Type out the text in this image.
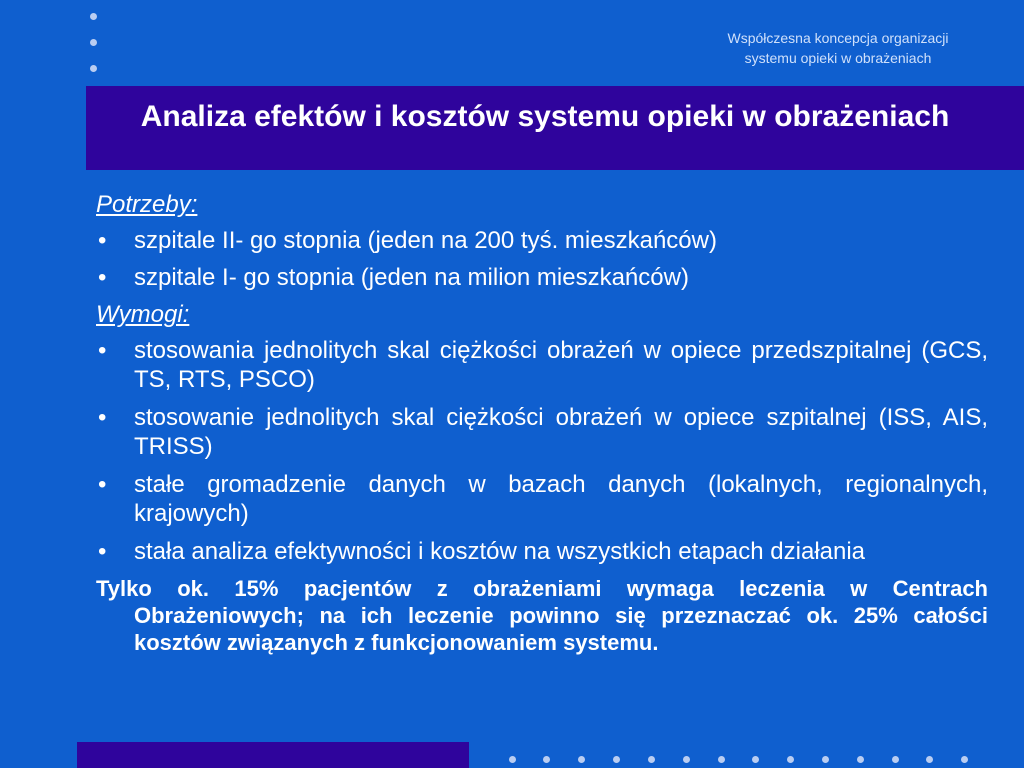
Współczesna koncepcja organizacji
systemu opieki w obrażeniach
Analiza efektów i kosztów systemu opieki w obrażeniach

Potrzeby:

• szpitale II- go stopnia (jeden na 200 tyś. mieszkańców)
• szpitale I- go stopnia (jeden na milion mieszkańców)

Wymogi:

• stosowania jednolitych skal ciężkości obrażeń w opiece przedszpitalnej (GCS, TS, RTS, PSCO)
• stosowanie jednolitych skal ciężkości obrażeń w opiece szpitalnej (ISS, AIS, TRISS)
• stałe gromadzenie danych w bazach danych (lokalnych, regionalnych, krajowych)
• stała analiza efektywności i kosztów na wszystkich etapach działania

Tylko ok. 15% pacjentów z obrażeniami wymaga leczenia w Centrach Obrażeniowych; na ich leczenie powinno się przeznaczać ok. 25% całości kosztów związanych z funkcjonowaniem systemu.
